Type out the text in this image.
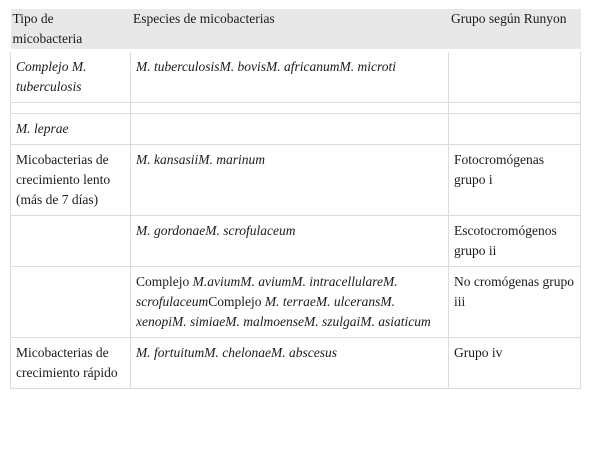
Tipo de micobacteria	Especies de micobacterias	Grupo según Runyon
Complejo M. tuberculosis	M. tuberculosisM. bovisM. africanumM. microti	

M. leprae		
Micobacterias de crecimiento lento (más de 7 días)	M. kansasiiM. marinum	Fotocromógenas grupo i
	M. gordonaeM. scrofulaceum	Escotocromógenos grupo ii
	Complejo M.aviumM. aviumM. intracellulareM. scrofulaceumComplejo M. terraeM. ulceransM. xenopiM. simiaeM. malmoenseM. szulgaiM. asiaticum	No cromógenas grupo iii
Micobacterias de crecimiento rápido	M. fortuitumM. chelonaeM. abscesus	Grupo iv
